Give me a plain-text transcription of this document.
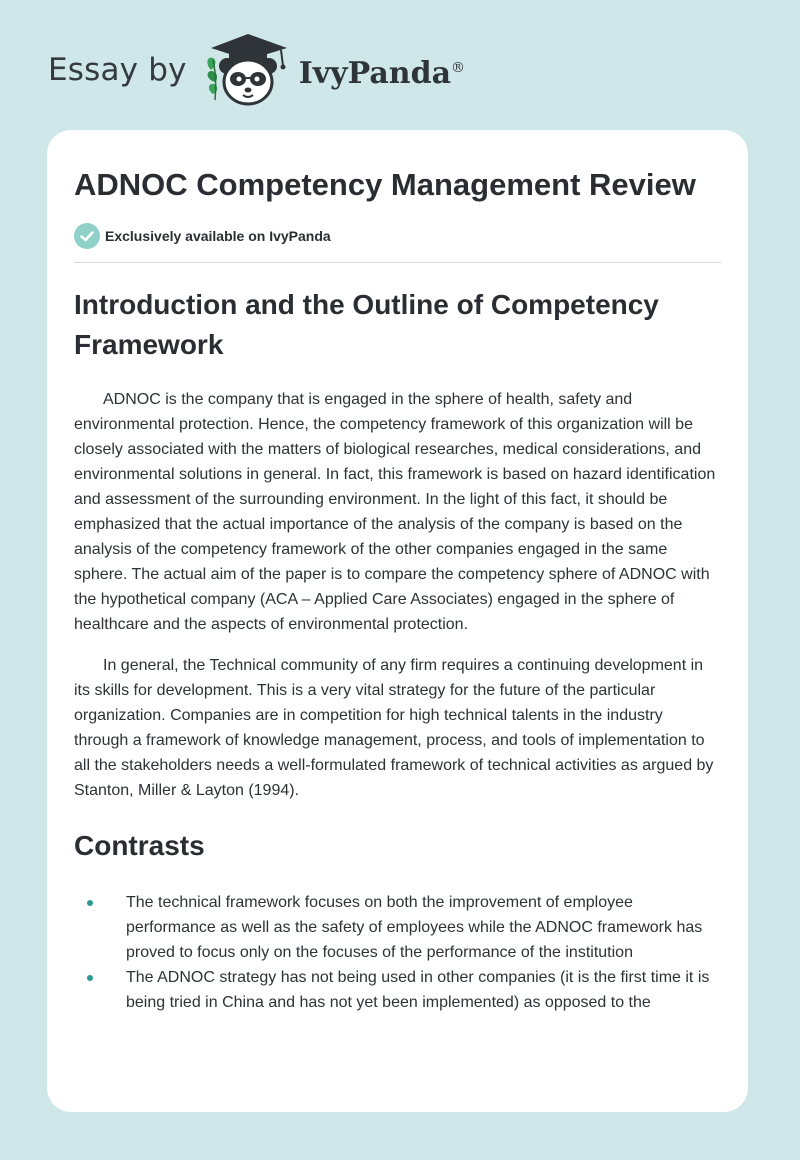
Essay by	IvyPanda®
ADNOC Competency Management Review
Exclusively available on IvyPanda
Introduction and the Outline of Competency Framework

ADNOC is the company that is engaged in the sphere of health, safety and environmental protection. Hence, the competency framework of this organization will be closely associated with the matters of biological researches, medical considerations, and environmental solutions in general. In fact, this framework is based on hazard identification and assessment of the surrounding environment. In the light of this fact, it should be emphasized that the actual importance of the analysis of the company is based on the analysis of the competency framework of the other companies engaged in the same sphere. The actual aim of the paper is to compare the competency sphere of ADNOC with the hypothetical company (ACA – Applied Care Associates) engaged in the sphere of healthcare and the aspects of environmental protection.

In general, the Technical community of any firm requires a continuing development in its skills for development. This is a very vital strategy for the future of the particular organization. Companies are in competition for high technical talents in the industry through a framework of knowledge management, process, and tools of implementation to all the stakeholders needs a well-formulated framework of technical activities as argued by Stanton, Miller & Layton (1994).

Contrasts
The technical framework focuses on both the improvement of employee performance as well as the safety of employees while the ADNOC framework has proved to focus only on the focuses of the performance of the institution
The ADNOC strategy has not being used in other companies (it is the first time it is being tried in China and has not yet been implemented) as opposed to the
